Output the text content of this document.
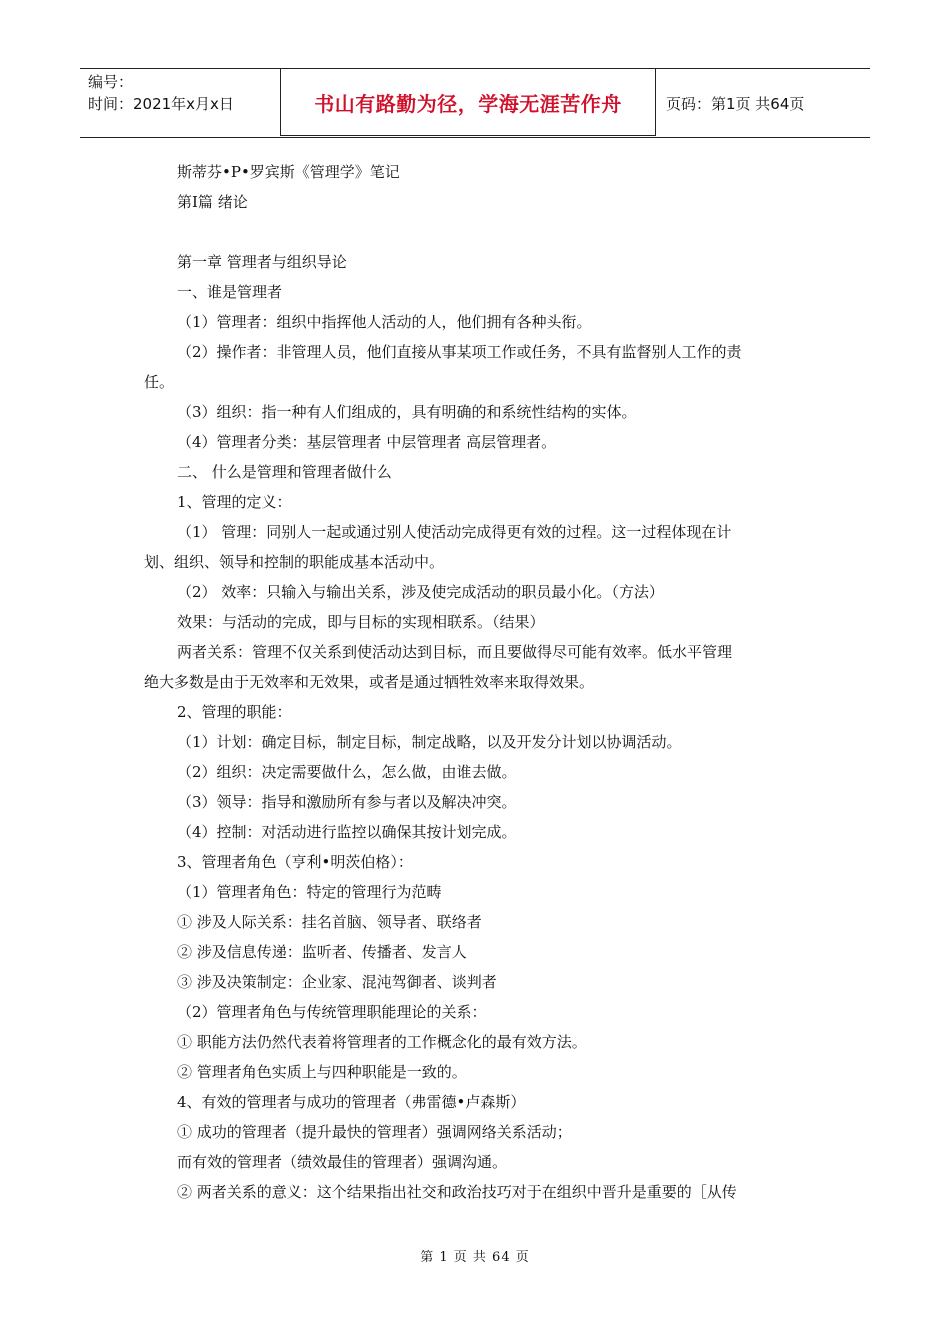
编号：
时间：2021年x月x日	书山有路勤为径，学海无涯苦作舟	页码：第1页 共64页
斯蒂芬•P•罗宾斯《管理学》笔记
第Ⅰ篇 绪论
第一章 管理者与组织导论
一、谁是管理者
（1）管理者：组织中指挥他人活动的人，他们拥有各种头衔。
（2）操作者：非管理人员，他们直接从事某项工作或任务，不具有监督别人工作的责
任。
（3）组织：指一种有人们组成的，具有明确的和系统性结构的实体。
（4）管理者分类：基层管理者 中层管理者 高层管理者。
二、 什么是管理和管理者做什么
1、管理的定义：
（1） 管理：同别人一起或通过别人使活动完成得更有效的过程。这一过程体现在计
划、组织、领导和控制的职能成基本活动中。
（2） 效率：只输入与输出关系，涉及使完成活动的职员最小化。（方法）
效果：与活动的完成，即与目标的实现相联系。（结果）
两者关系：管理不仅关系到使活动达到目标，而且要做得尽可能有效率。低水平管理
绝大多数是由于无效率和无效果，或者是通过牺牲效率来取得效果。
2、管理的职能：
（1）计划：确定目标，制定目标，制定战略，以及开发分计划以协调活动。
（2）组织：决定需要做什么，怎么做，由谁去做。
（3）领导：指导和激励所有参与者以及解决冲突。
（4）控制：对活动进行监控以确保其按计划完成。
3、管理者角色（亨利•明茨伯格）：
（1）管理者角色：特定的管理行为范畴
① 涉及人际关系：挂名首脑、领导者、联络者
② 涉及信息传递：监听者、传播者、发言人
③ 涉及决策制定：企业家、混沌驾御者、谈判者
（2）管理者角色与传统管理职能理论的关系：
① 职能方法仍然代表着将管理者的工作概念化的最有效方法。
② 管理者角色实质上与四种职能是一致的。
4、有效的管理者与成功的管理者（弗雷德•卢森斯）
① 成功的管理者（提升最快的管理者）强调网络关系活动；
而有效的管理者（绩效最佳的管理者）强调沟通。
② 两者关系的意义：这个结果指出社交和政治技巧对于在组织中晋升是重要的［从传
第 1 页 共 64 页
